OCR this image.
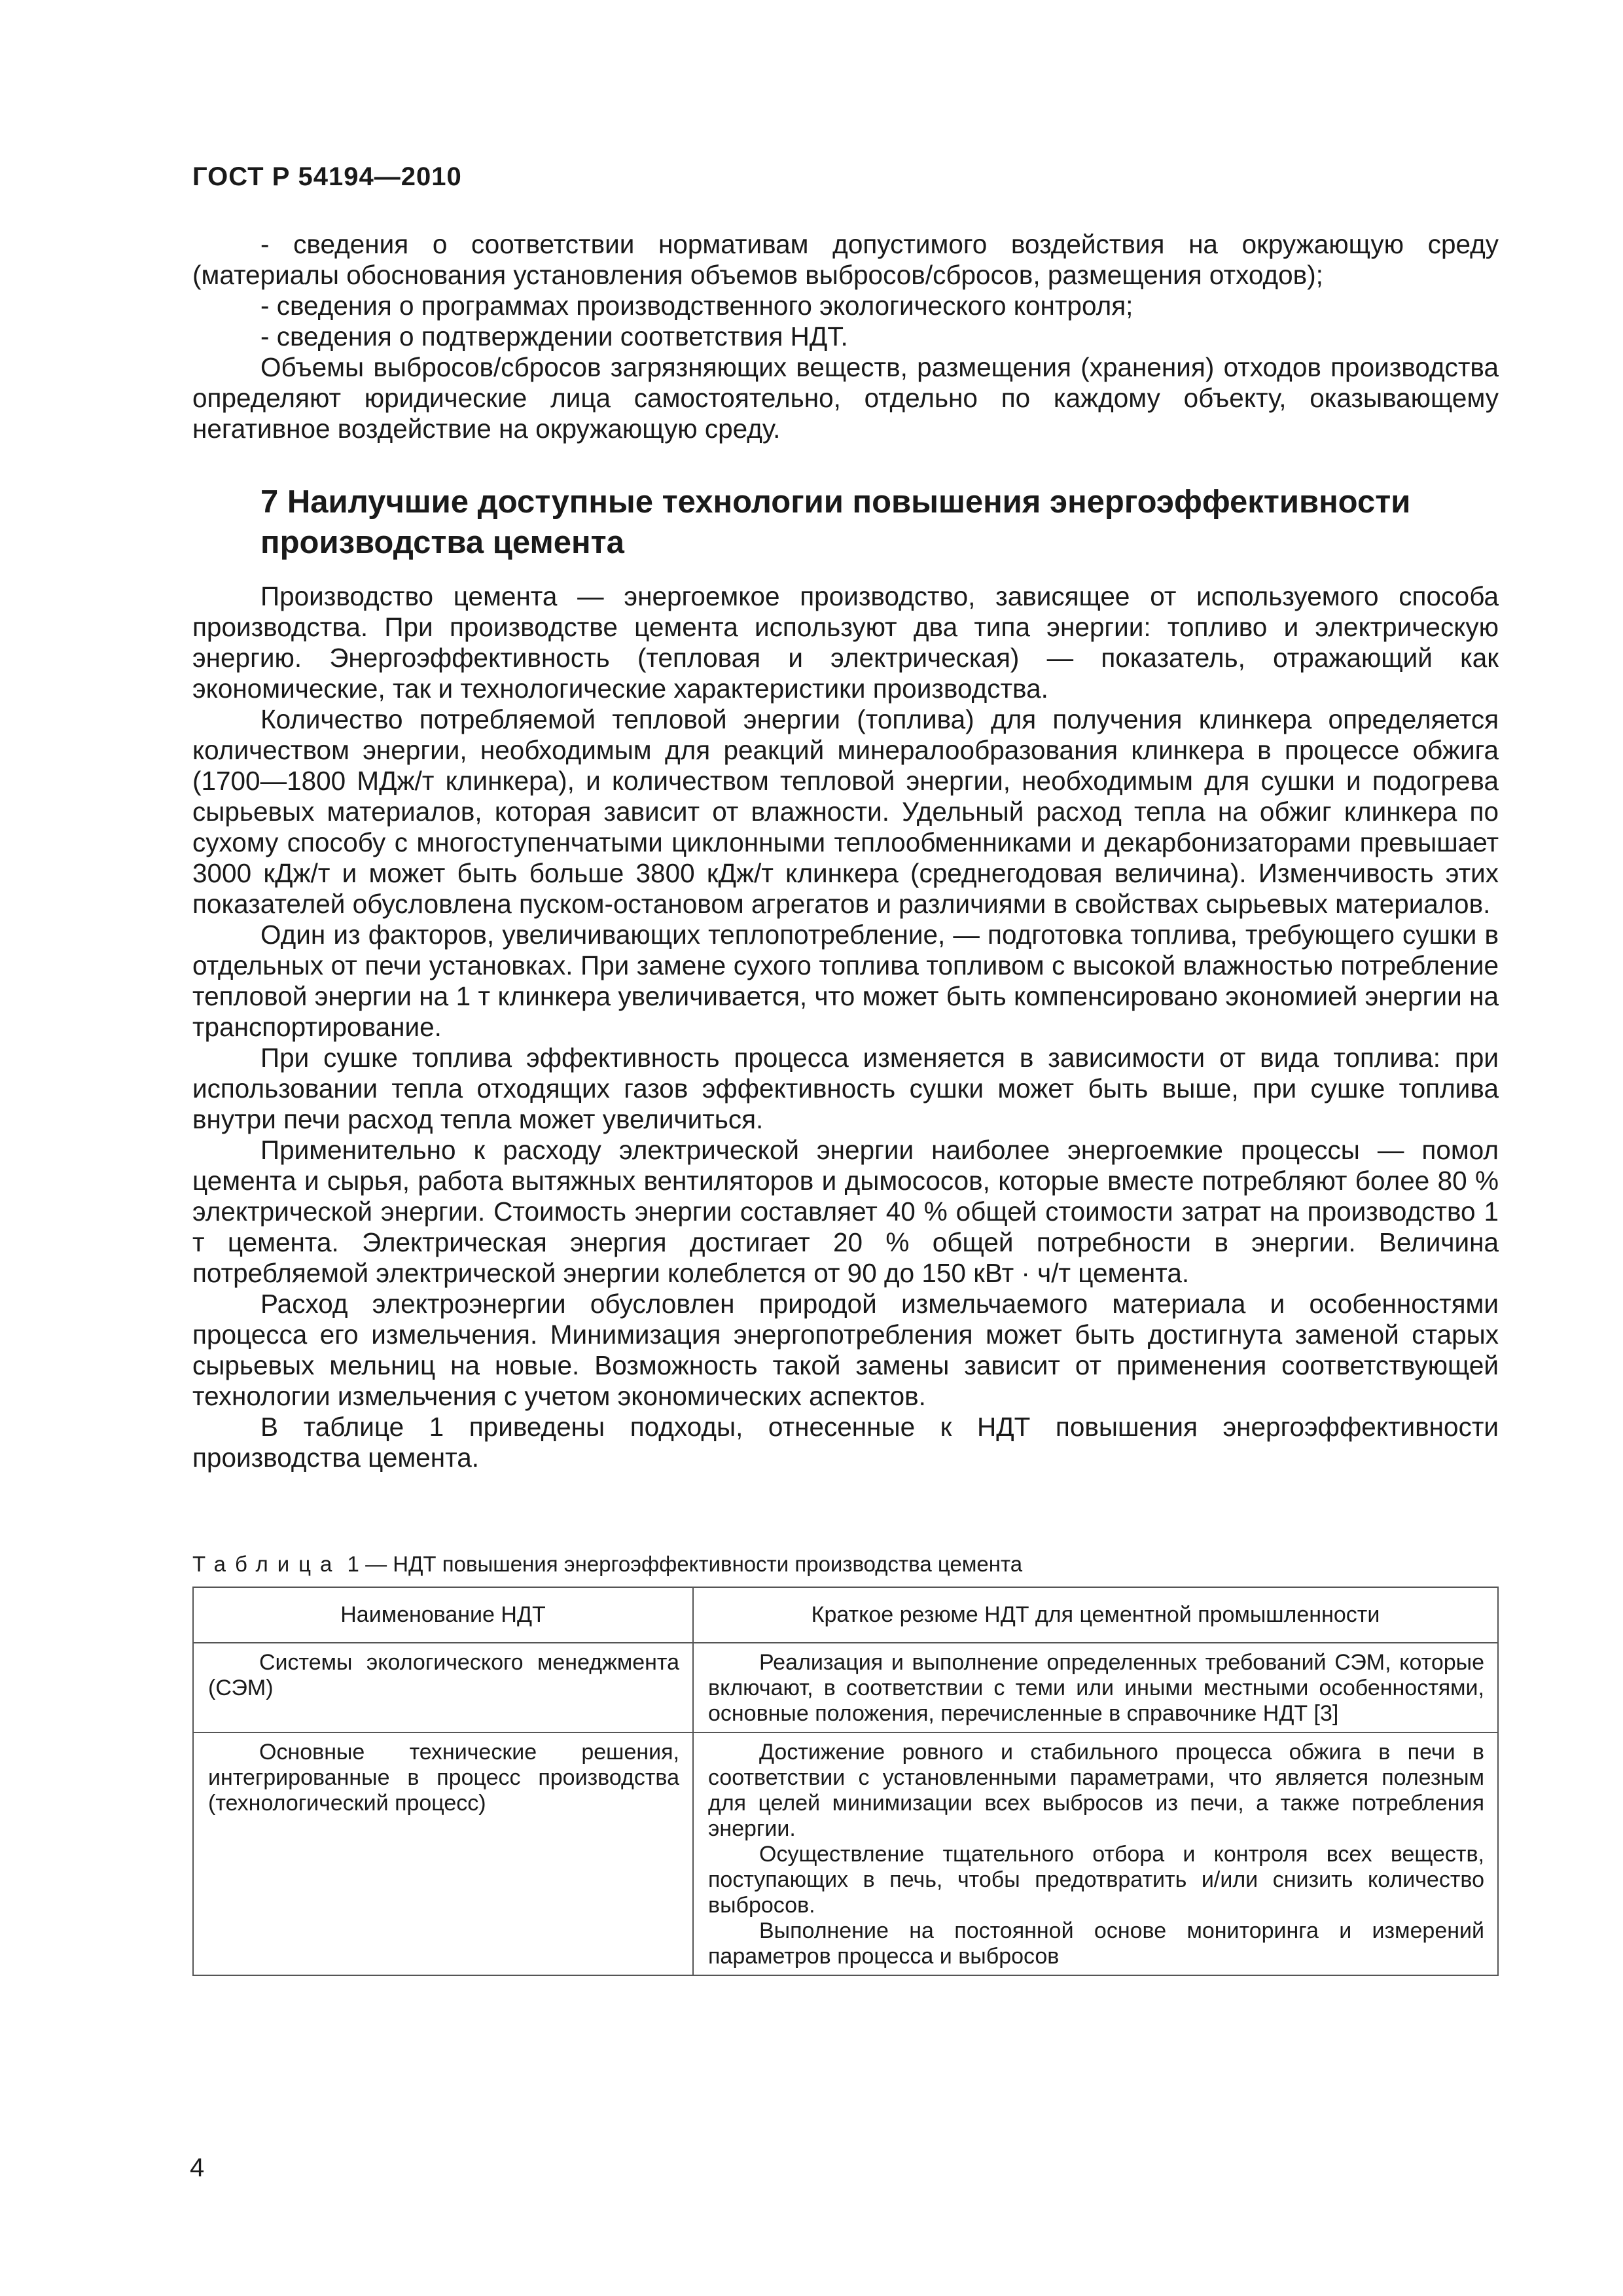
ГОСТ Р 54194—2010

- сведения о соответствии нормативам допустимого воздействия на окружающую среду (материалы обоснования установления объемов выбросов/сбросов, размещения отходов);

- сведения о программах производственного экологического контроля;

- сведения о подтверждении соответствия НДТ.

Объемы выбросов/сбросов загрязняющих веществ, размещения (хранения) отходов производства определяют юридические лица самостоятельно, отдельно по каждому объекту, оказывающему негативное воздействие на окружающую среду.

7 Наилучшие доступные технологии повышения энергоэффективности производства цемента

Производство цемента — энергоемкое производство, зависящее от используемого способа производства. При производстве цемента используют два типа энергии: топливо и электрическую энергию. Энергоэффективность (тепловая и электрическая) — показатель, отражающий как экономические, так и технологические характеристики производства.

Количество потребляемой тепловой энергии (топлива) для получения клинкера определяется количеством энергии, необходимым для реакций минералообразования клинкера в процессе обжига (1700—1800 МДж/т клинкера), и количеством тепловой энергии, необходимым для сушки и подогрева сырьевых материалов, которая зависит от влажности. Удельный расход тепла на обжиг клинкера по сухому способу с многоступенчатыми циклонными теплообменниками и декарбонизаторами превышает 3000 кДж/т и может быть больше 3800 кДж/т клинкера (среднегодовая величина). Изменчивость этих показателей обусловлена пуском-остановом агрегатов и различиями в свойствах сырьевых материалов.

Один из факторов, увеличивающих теплопотребление, — подготовка топлива, требующего сушки в отдельных от печи установках. При замене сухого топлива топливом с высокой влажностью потребление тепловой энергии на 1 т клинкера увеличивается, что может быть компенсировано экономией энергии на транспортирование.

При сушке топлива эффективность процесса изменяется в зависимости от вида топлива: при использовании тепла отходящих газов эффективность сушки может быть выше, при сушке топлива внутри печи расход тепла может увеличиться.

Применительно к расходу электрической энергии наиболее энергоемкие процессы — помол цемента и сырья, работа вытяжных вентиляторов и дымососов, которые вместе потребляют более 80 % электрической энергии. Стоимость энергии составляет 40 % общей стоимости затрат на производство 1 т цемента. Электрическая энергия достигает 20 % общей потребности в энергии. Величина потребляемой электрической энергии колеблется от 90 до 150 кВт · ч/т цемента.

Расход электроэнергии обусловлен природой измельчаемого материала и особенностями процесса его измельчения. Минимизация энергопотребления может быть достигнута заменой старых сырьевых мельниц на новые. Возможность такой замены зависит от применения соответствующей технологии измельчения с учетом экономических аспектов.

В таблице 1 приведены подходы, отнесенные к НДТ повышения энергоэффективности производства цемента.

Таблица 1 — НДТ повышения энергоэффективности производства цемента
Наименование НДТ	Краткое резюме НДТ для цементной промышленности

Системы экологического менеджмента (СЭМ)	Реализация и выполнение определенных требований СЭМ, которые включают, в соответствии с теми или иными местными особенностями, основные положения, перечисленные в справочнике НДТ [3]

Основные технические решения, интегрированные в процесс производства (технологический процесс)	Достижение ровного и стабильного процесса обжига в печи в соответствии с установленными параметрами, что является полезным для целей минимизации всех выбросов из печи, а также потребления энергии.

Осуществление тщательного отбора и контроля всех веществ, поступающих в печь, чтобы предотвратить и/или снизить количество выбросов.

Выполнение на постоянной основе мониторинга и измерений параметров процесса и выбросов

4
